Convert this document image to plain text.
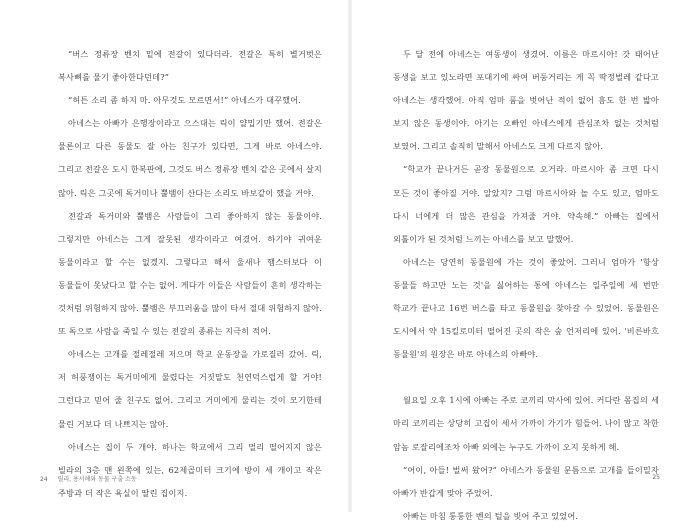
“버스 정류장 벤치 밑에 전갈이 있다더라. 전갈은 특히 별거벗은 복사뼈를 물기 좋아한다던데?”

“허튼 소리 좀 하지 마. 아무것도 모르면서!” 아네스가 대꾸했어.

아네스는 아빠가 은행장이라고 으스대는 릭이 얄밉기만 했어. 전갈은 물론이고 다른 동물도 잘 아는 친구가 있다면, 그게 바로 아네스야. 그리고 전갈은 도시 한복판에, 그것도 버스 정류장 벤치 같은 곳에서 살지 않아. 릭은 그곳에 독거미나 뿔뱀이 산다는 소리도 바보같이 했을 거야.

전갈과 독거미와 뿔뱀은 사람들이 그리 좋아하지 않는 동물이야. 그렇지만 아네스는 그게 잘못된 생각이라고 여겼어. 하기야 귀여운 동물이라고 할 수는 없겠지. 그렇다고 해서 울새나 햄스터보다 이 동물들이 못났다고 할 수는 없어. 게다가 이들은 사람들이 흔히 생각하는 것처럼 위험하지 않아. 뿔뱀은 부끄러움을 많이 타서 절대 위험하지 않아. 또 독으로 사람을 죽일 수 있는 전갈의 종류는 지극히 적어.

아네스는 고개를 절레절레 저으며 학교 운동장을 가로질러 갔어. 릭, 저 허풍쟁이는 독거미에게 물렸다는 거짓말도 천연덕스럽게 할 거야! 그런다고 믿어 줄 친구도 없어. 그리고 거미에게 물리는 것이 모기한테 물린 거보다 더 나쁘지는 않아.

아네스는 집이 두 개야. 하나는 학교에서 그리 멀리 떨어지지 않은 빌라의 3층 맨 왼쪽에 있는, 62제곱미터 크기에 방이 세 개이고 작은 주방과 더 작은 욕실이 딸린 집이지.

24 릴리, 용서해와 동물 구출 소동

두 달 전에 아네스는 여동생이 생겼어. 이름은 마르시아! 갓 태어난 동생을 보고 있노라면 포대기에 싸여 버둥거리는 게 꼭 딱정벌레 같다고 아네스는 생각했어. 아직 엄마 품을 벗어난 적이 없어 흠도 한 번 밟아 보지 않은 동생이야. 아기는 오빠인 아네스에게 관심조차 없는 것처럼 보였어. 그리고 솔직히 말해서 아네스도 크게 다르지 않아.

“학교가 끝나거든 곧장 동물원으로 오거라. 마르시아 좀 크면 다시 모든 것이 좋아질 거야. 알았지? 그럼 마르시아와 놀 수도 있고, 엄마도 다시 너에게 더 많은 관심을 가져줄 거야. 약속해.” 아빠는 집에서 외톨이가 된 것처럼 느끼는 아네스를 보고 말했어.

아네스는 당연히 동물원에 가는 것이 좋았어. 그러니 엄마가 '항상 동물들 하고만 노는 것'을 싫어하는 통에 아네스는 일주일에 세 번만 학교가 끝나고 16번 버스를 타고 동물원을 찾아갈 수 있었어. 동물원은 도시에서 약 15킬로미터 떨어진 곳의 작은 숲 언저리에 있어. '비른바흐 동물원'의 원장은 바로 아네스의 아빠야.

월요일 오후 1시에 아빠는 주로 코끼리 막사에 있어. 커다란 몸집의 세 마리 코끼리는 상당히 고집이 세서 가까이 가기가 힘들어. 나이 많고 착한 암놈 로잘리에조차 아빠 외에는 누구도 가까이 오지 못하게 해.

“어이, 아들! 벌써 왔어?” 아네스가 동물원 문틈으로 고개를 들이밀자 아빠가 반갑게 맞아 주었어.

아빠는 마침 퉁퉁한 벤의 털을 빗어 주고 있었어.

25
